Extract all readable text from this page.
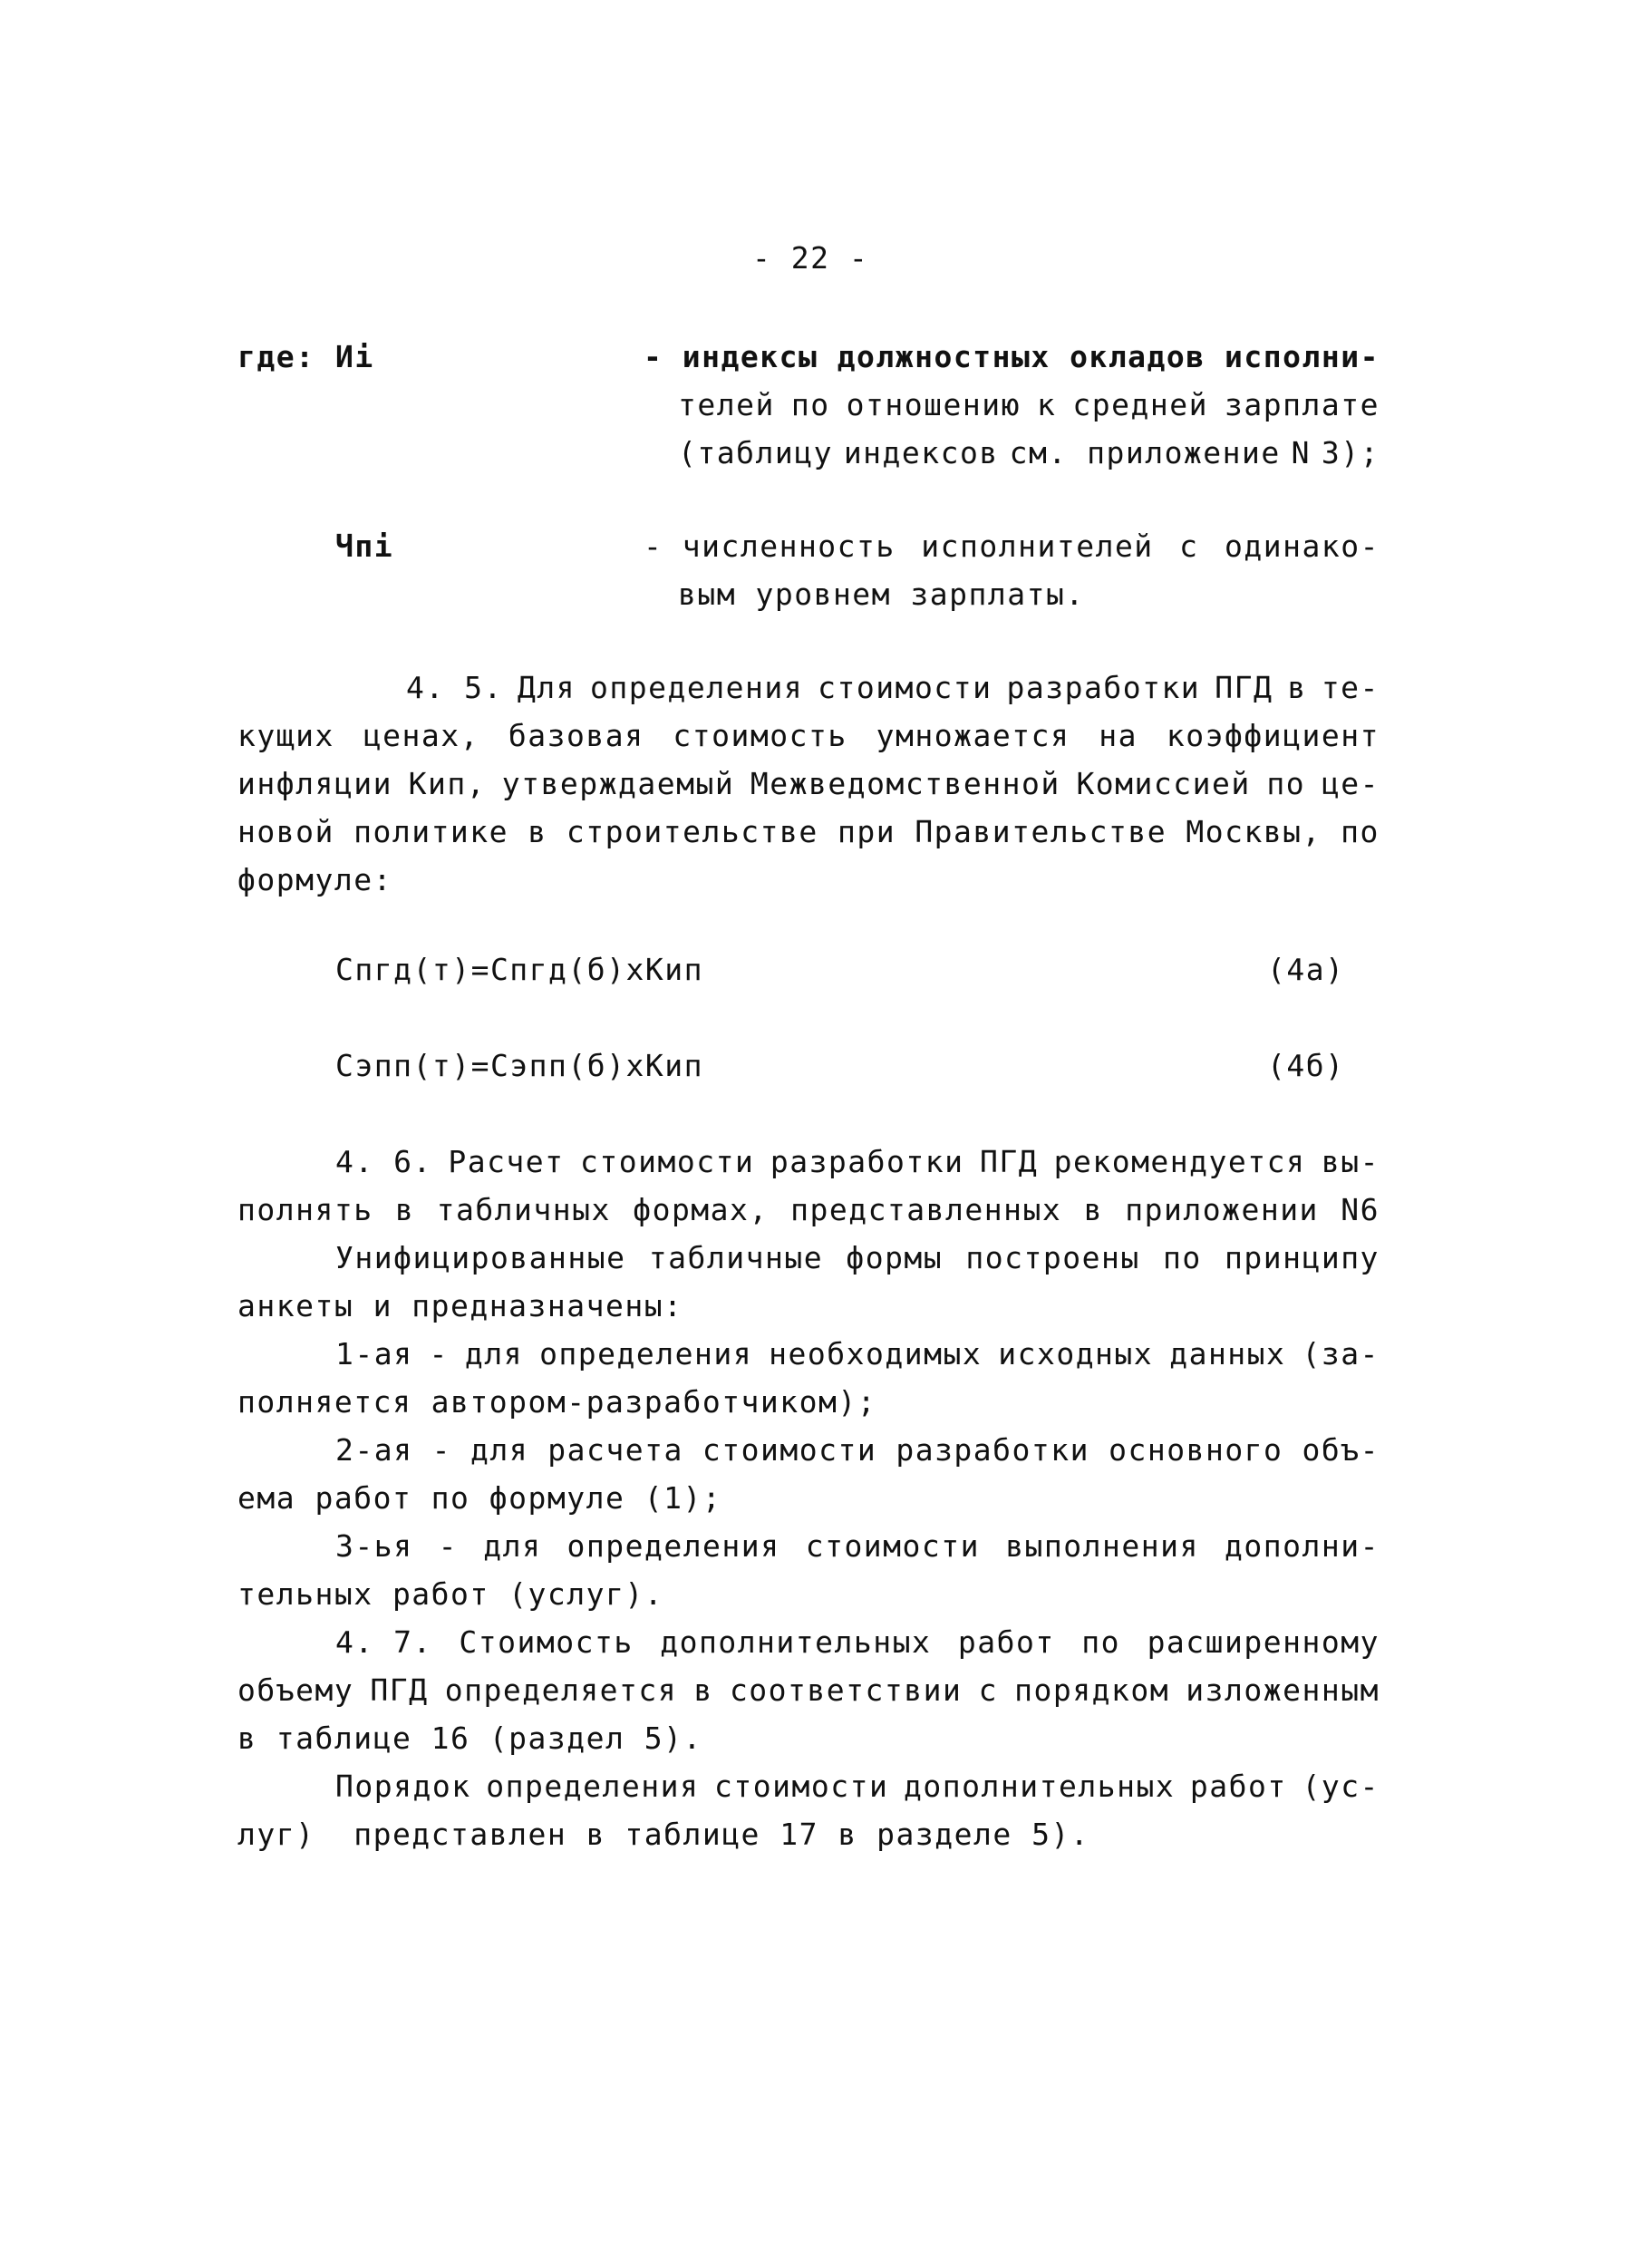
- 22 -
где: Иi	- индексы должностных окладов исполни-
телей по отношению к средней зарплате
(таблицу индексов см. приложение N 3);
Чпi	- численность исполнителей с одинако-
вым уровнем зарплаты.
4. 5. Для определения стоимости разработки ПГД в те-
кущих ценах, базовая стоимость умножается на коэффициент
инфляции Кип, утверждаемый Межведомственной Комиссией по це-
новой политике в строительстве при Правительстве Москвы, по
формуле:
Спгд(т)=Спгд(б)хКип	(4а)
Сэпп(т)=Сэпп(б)хКип	(4б)
4. 6. Расчет стоимости разработки ПГД рекомендуется вы-
полнять в табличных формах, представленных в приложении N6
Унифицированные табличные формы построены по принципу
анкеты и предназначены:
1-ая - для определения необходимых исходных данных (за-
полняется автором-разработчиком);
2-ая - для расчета стоимости разработки основного объ-
ема работ по формуле (1);
3-ья - для определения стоимости выполнения дополни-
тельных работ (услуг).
4. 7. Стоимость дополнительных работ по расширенному
объему ПГД определяется в соответствии с порядком изложенным
в таблице 16 (раздел 5).
Порядок определения стоимости дополнительных работ (ус-
луг)  представлен в таблице 17 в разделе 5).
